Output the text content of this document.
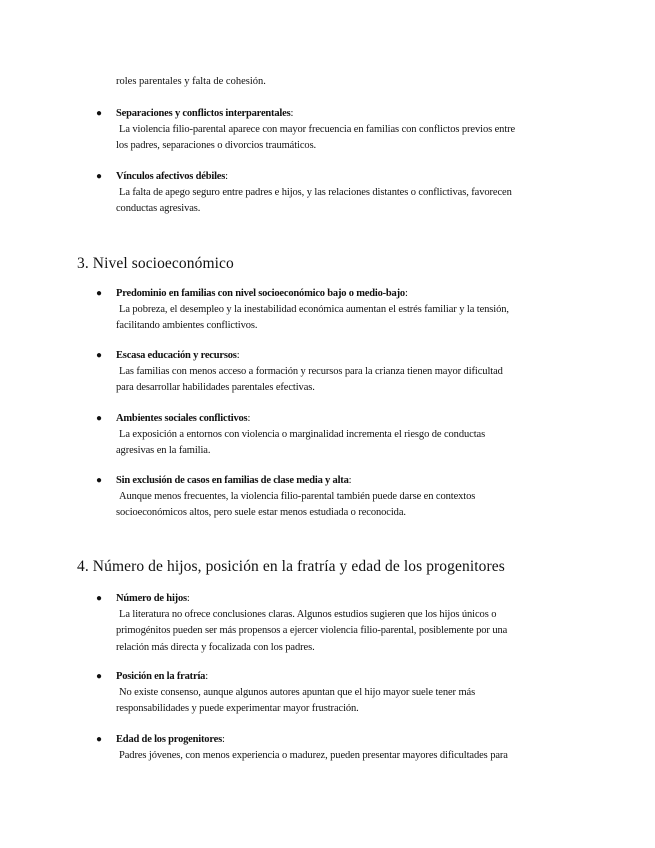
roles parentales y falta de cohesión.
●	Separaciones y conflictos interparentales:
La violencia filio-parental aparece con mayor frecuencia en familias con conflictos previos entre
los padres, separaciones o divorcios traumáticos.
●	Vínculos afectivos débiles:
La falta de apego seguro entre padres e hijos, y las relaciones distantes o conflictivas, favorecen
conductas agresivas.
3. Nivel socioeconómico
●	Predominio en familias con nivel socioeconómico bajo o medio-bajo:
La pobreza, el desempleo y la inestabilidad económica aumentan el estrés familiar y la tensión,
facilitando ambientes conflictivos.
●	Escasa educación y recursos:
Las familias con menos acceso a formación y recursos para la crianza tienen mayor dificultad
para desarrollar habilidades parentales efectivas.
●	Ambientes sociales conflictivos:
La exposición a entornos con violencia o marginalidad incrementa el riesgo de conductas
agresivas en la familia.
●	Sin exclusión de casos en familias de clase media y alta:
Aunque menos frecuentes, la violencia filio-parental también puede darse en contextos
socioeconómicos altos, pero suele estar menos estudiada o reconocida.
4. Número de hijos, posición en la fratría y edad de los progenitores
●	Número de hijos:
La literatura no ofrece conclusiones claras. Algunos estudios sugieren que los hijos únicos o
primogénitos pueden ser más propensos a ejercer violencia filio-parental, posiblemente por una
relación más directa y focalizada con los padres.
●	Posición en la fratría:
No existe consenso, aunque algunos autores apuntan que el hijo mayor suele tener más
responsabilidades y puede experimentar mayor frustración.
●	Edad de los progenitores:
Padres jóvenes, con menos experiencia o madurez, pueden presentar mayores dificultades para
